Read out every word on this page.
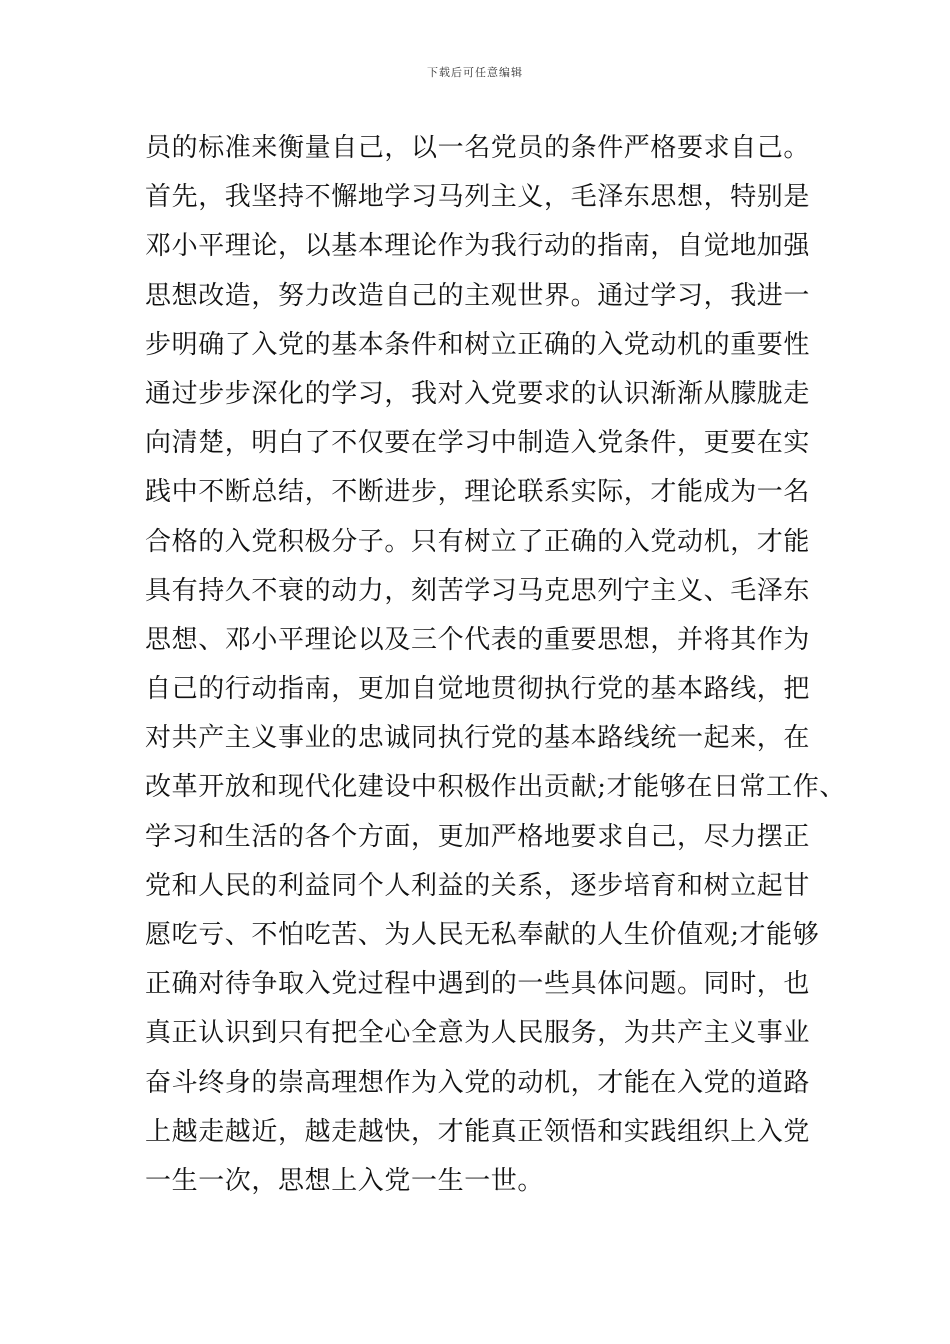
下载后可任意编辑
员的标准来衡量自己，以一名党员的条件严格要求自己。
首先，我坚持不懈地学习马列主义，毛泽东思想，特别是
邓小平理论，以基本理论作为我行动的指南，自觉地加强
思想改造，努力改造自己的主观世界。通过学习，我进一
步明确了入党的基本条件和树立正确的入党动机的重要性
通过步步深化的学习，我对入党要求的认识渐渐从朦胧走
向清楚，明白了不仅要在学习中制造入党条件，更要在实
践中不断总结，不断进步，理论联系实际，才能成为一名
合格的入党积极分子。只有树立了正确的入党动机，才能
具有持久不衰的动力，刻苦学习马克思列宁主义、毛泽东
思想、邓小平理论以及三个代表的重要思想，并将其作为
自己的行动指南，更加自觉地贯彻执行党的基本路线，把
对共产主义事业的忠诚同执行党的基本路线统一起来，在
改革开放和现代化建设中积极作出贡献;才能够在日常工作、
学习和生活的各个方面，更加严格地要求自己，尽力摆正
党和人民的利益同个人利益的关系，逐步培育和树立起甘
愿吃亏、不怕吃苦、为人民无私奉献的人生价值观;才能够
正确对待争取入党过程中遇到的一些具体问题。同时，也
真正认识到只有把全心全意为人民服务，为共产主义事业
奋斗终身的崇高理想作为入党的动机，才能在入党的道路
上越走越近，越走越快，才能真正领悟和实践组织上入党
一生一次，思想上入党一生一世。
